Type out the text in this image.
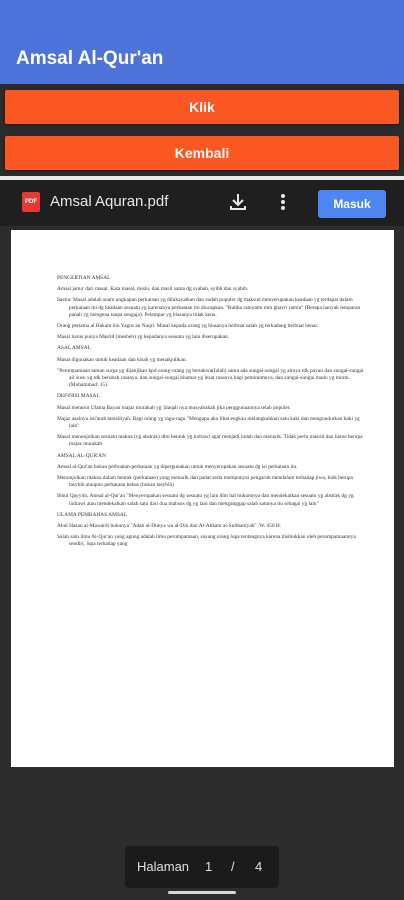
Amsal Al-Qur'an
Klik
Kembali
PDF Amsal Aquran.pdf	Masuk

PENGERTIAN AMSAL

Amsal jama' dari masal. Kata masal, mislu, dan masil sama dg syabah, syibh dan syabih.

Sastra: Masal adalah suatu ungkapan perkataan yg dihikayatkan dan sudah populer dg maksud menyerupakan keadaan yg terdapat dalam perkataan itu dg keadaan sesuatu yg karenanya perkataan itu diucapkan. "Rubba ramyatin min ghayri ramin" (Berapa banyak lemparan panah yg mengena tanpa sengaja). Pelempar yg biasanya tidak kena.

Orang pertama al Hakam bin Yagus an Naqri. Masal kepada orang yg biasanya berbuat salah yg terkadang berbuat benar.

Masal harus punya Masrid (mesbeh) yg kepadanya sesuatu yg lain diserupakan.

ASAL AMSAL

Masal digunakan untuk keadaan dan kisah yg menakjubkan.

"Perumpamaan taman surga yg dijanjikan kpd orang-orang yg bertakwa(Ialah) sama ada sungai-sungai yg airnya tdk payau dan sungai-sungai air susu yg tdk berubah rasanya, dan sungai-sungai khamar yg lezat rasanya bagi peminumnya, dan sungai-sungai madu yg murni. (Muhammad: 15)

DEFINISI MASAL

Masal menurut Ulama Bayan majaz murakab yg 'alaqah nya musyabahah jika penggunaannya telah populer.

Majaz asalnya isti'arah tamsiliyah. Bagi orang yg ragu-ragu "Mengapa aku lihat engkau melangkahkan satu kaki dan mengundurkan kaki yg lain"

Masal menonjolkan sesuatu makna (yg abstrak) dlm bentuk yg indrawi agar menjadi indah dan menarik. Tidak perlu masrid dan harus berupa majaz murakab

AMSAL AL-QUR'AN

Amsal al-Qur'an bukan perbuatan-perkataan yg dipergunakan untuk menyerupakan sesuatu dg isi perkataan itu.

Menonjolkan makna dalam bentuk (perkataan) yang menarik dan padat serta mempunyai pengaruh mendalam terhadap jiwa, baik berupa tasybih ataupun perkataan bebas (bukan tasybih)

Ibnul Qayyim, Amsal al-Qur'an "Menyerupakan sesuatu dg sesuatu yg lain dlm hal hukumnya dan mendekatkan sesuatu yg abstrak dg yg indrawi atau mendekatkan salah satu dari dua mahsus dg yg lain dan menganggap salah satunya itu sebagai yg lain"

ULAMA PEMBAHAS AMSAL

Abul Hasan al-Mawardi bukunya "Adab al-Dunya wa al-Din dan Al-Ahkam al-Sulthaniyah". W. 450 H.

Salah satu ilmu Al-Qur'an yang agung adalah ilmu perumpamaan, sayang orang lupa tentangnya karena disibukkan oleh perumpamaannya sendiri, lupa terhadap yang

Halaman 1 / 4
